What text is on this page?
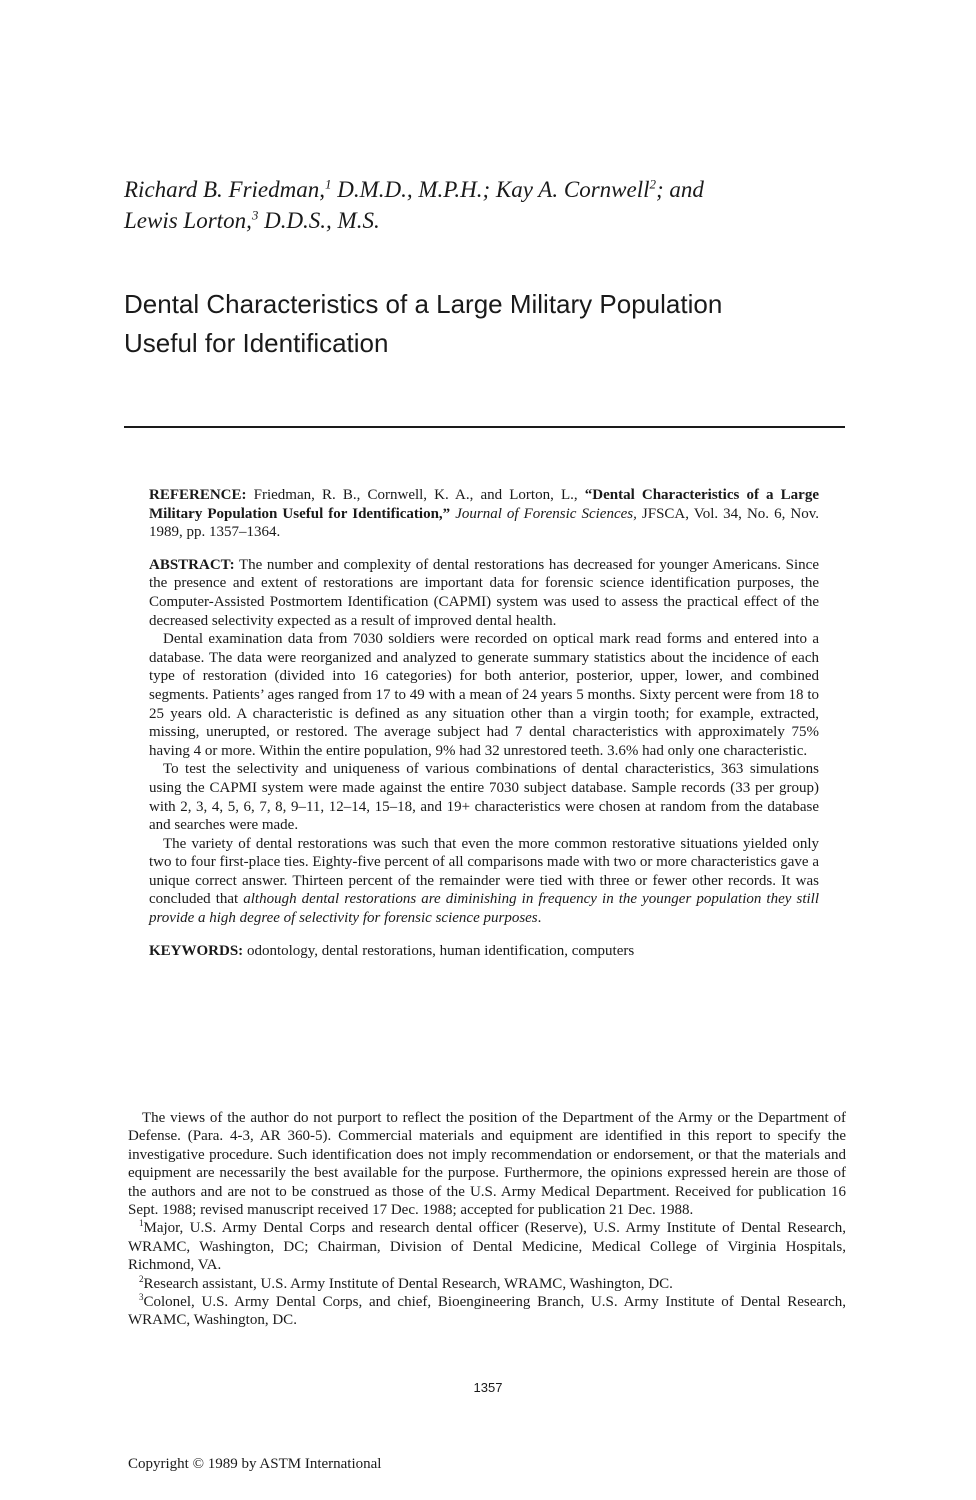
Richard B. Friedman,$^1$ D.M.D., M.P.H.; Kay A. Cornwell$^2$; and
Lewis Lorton,$^3$ D.D.S., M.S.
Dental Characteristics of a Large Military Population
Useful for Identification

REFERENCE: Friedman, R. B., Cornwell, K. A., and Lorton, L., “Dental Characteristics of a Large Military Population Useful for Identification,” Journal of Forensic Sciences, JFSCA, Vol. 34, No. 6, Nov. 1989, pp. 1357–1364.

ABSTRACT: The number and complexity of dental restorations has decreased for younger Americans. Since the presence and extent of restorations are important data for forensic science identification purposes, the Computer-Assisted Postmortem Identification (CAPMI) system was used to assess the practical effect of the decreased selectivity expected as a result of improved dental health.

Dental examination data from 7030 soldiers were recorded on optical mark read forms and entered into a database. The data were reorganized and analyzed to generate summary statistics about the incidence of each type of restoration (divided into 16 categories) for both anterior, posterior, upper, lower, and combined segments. Patients’ ages ranged from 17 to 49 with a mean of 24 years 5 months. Sixty percent were from 18 to 25 years old. A characteristic is defined as any situation other than a virgin tooth; for example, extracted, missing, unerupted, or restored. The average subject had 7 dental characteristics with approximately 75% having 4 or more. Within the entire population, 9% had 32 unrestored teeth. 3.6% had only one characteristic.

To test the selectivity and uniqueness of various combinations of dental characteristics, 363 simulations using the CAPMI system were made against the entire 7030 subject database. Sample records (33 per group) with 2, 3, 4, 5, 6, 7, 8, 9–11, 12–14, 15–18, and 19+ characteristics were chosen at random from the database and searches were made.

The variety of dental restorations was such that even the more common restorative situations yielded only two to four first-place ties. Eighty-five percent of all comparisons made with two or more characteristics gave a unique correct answer. Thirteen percent of the remainder were tied with three or fewer other records. It was concluded that although dental restorations are diminishing in frequency in the younger population they still provide a high degree of selectivity for forensic science purposes.

KEYWORDS: odontology, dental restorations, human identification, computers

The views of the author do not purport to reflect the position of the Department of the Army or the Department of Defense. (Para. 4-3, AR 360-5). Commercial materials and equipment are identified in this report to specify the investigative procedure. Such identification does not imply recommendation or endorsement, or that the materials and equipment are necessarily the best available for the purpose. Furthermore, the opinions expressed herein are those of the authors and are not to be construed as those of the U.S. Army Medical Department. Received for publication 16 Sept. 1988; revised manuscript received 17 Dec. 1988; accepted for publication 21 Dec. 1988.

$^1$Major, U.S. Army Dental Corps and research dental officer (Reserve), U.S. Army Institute of Dental Research, WRAMC, Washington, DC; Chairman, Division of Dental Medicine, Medical College of Virginia Hospitals, Richmond, VA.

$^2$Research assistant, U.S. Army Institute of Dental Research, WRAMC, Washington, DC.

$^3$Colonel, U.S. Army Dental Corps, and chief, Bioengineering Branch, U.S. Army Institute of Dental Research, WRAMC, Washington, DC.

1357
Copyright © 1989 by ASTM International
